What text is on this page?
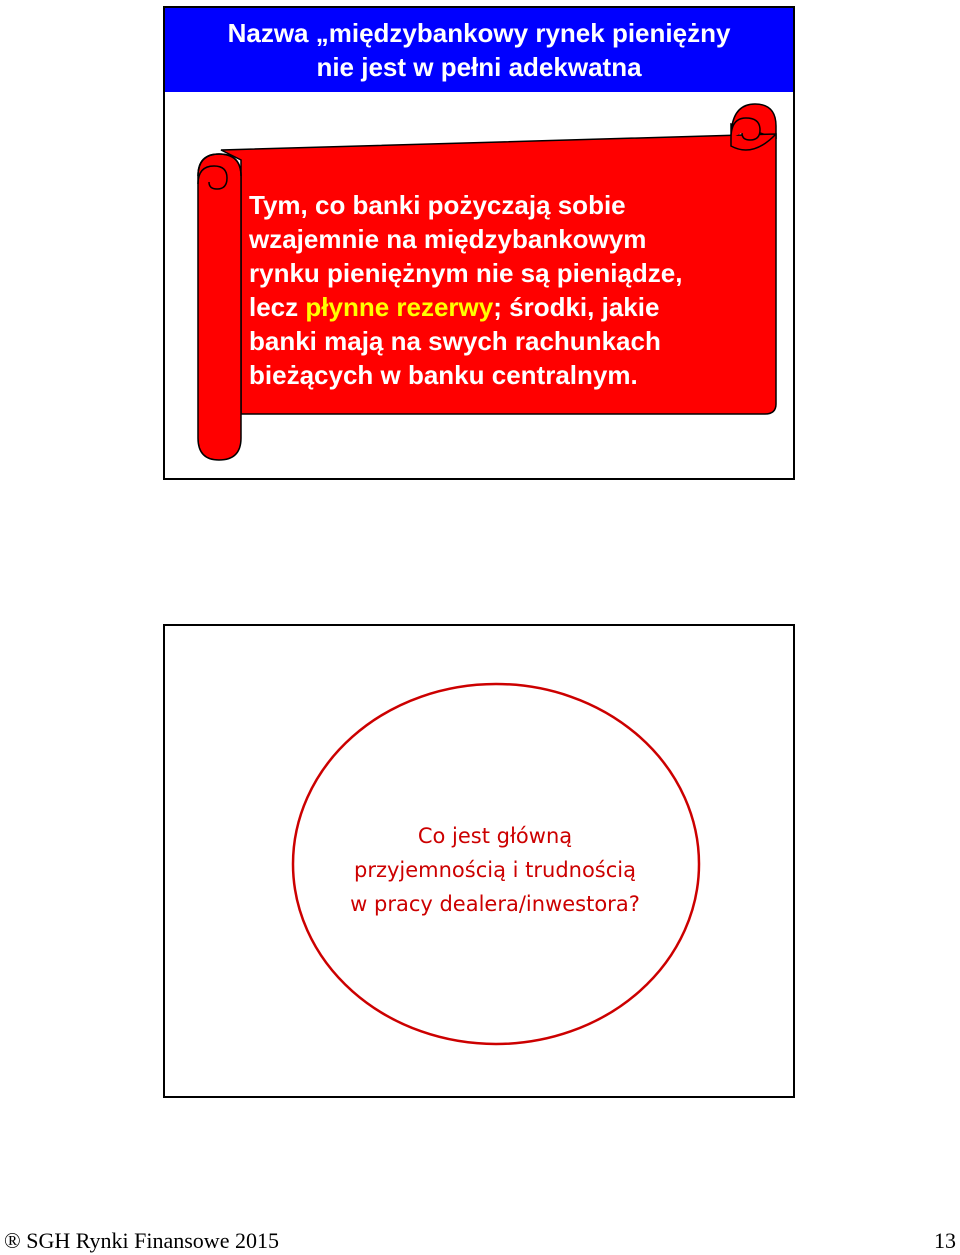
Nazwa „międzybankowy rynek pieniężny
nie jest w pełni adekwatna
Tym, co banki pożyczają sobie
wzajemnie na międzybankowym
rynku pieniężnym nie są pieniądze,
lecz płynne rezerwy; środki, jakie
banki mają na swych rachunkach
bieżących w banku centralnym.
Co jest główną
przyjemnością i trudnością
w pracy dealera/inwestora?
® SGH Rynki Finansowe 2015	13
